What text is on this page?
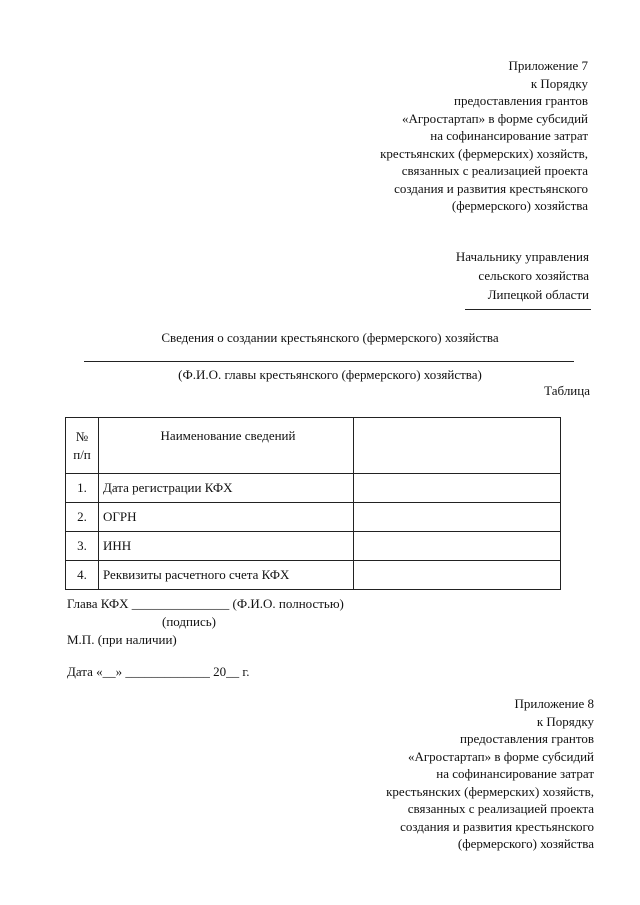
Приложение 7
к Порядку
предоставления грантов
«Агростартап» в форме субсидий
на софинансирование затрат
крестьянских (фермерских) хозяйств,
связанных с реализацией проекта
создания и развития крестьянского
(фермерского) хозяйства
Начальнику управления
сельского хозяйства
Липецкой области
Сведения о создании крестьянского (фермерского) хозяйства
(Ф.И.О. главы крестьянского (фермерского) хозяйства)
Таблица
№
п/п	Наименование сведений	
1.	Дата регистрации КФХ	
2.	ОГРН	
3.	ИНН	
4.	Реквизиты расчетного счета КФХ	
Глава КФХ _______________ (Ф.И.О. полностью)
(подпись)
М.П. (при наличии)
Дата «__» _____________ 20__ г.
Приложение 8
к Порядку
предоставления грантов
«Агростартап» в форме субсидий
на софинансирование затрат
крестьянских (фермерских) хозяйств,
связанных с реализацией проекта
создания и развития крестьянского
(фермерского) хозяйства
